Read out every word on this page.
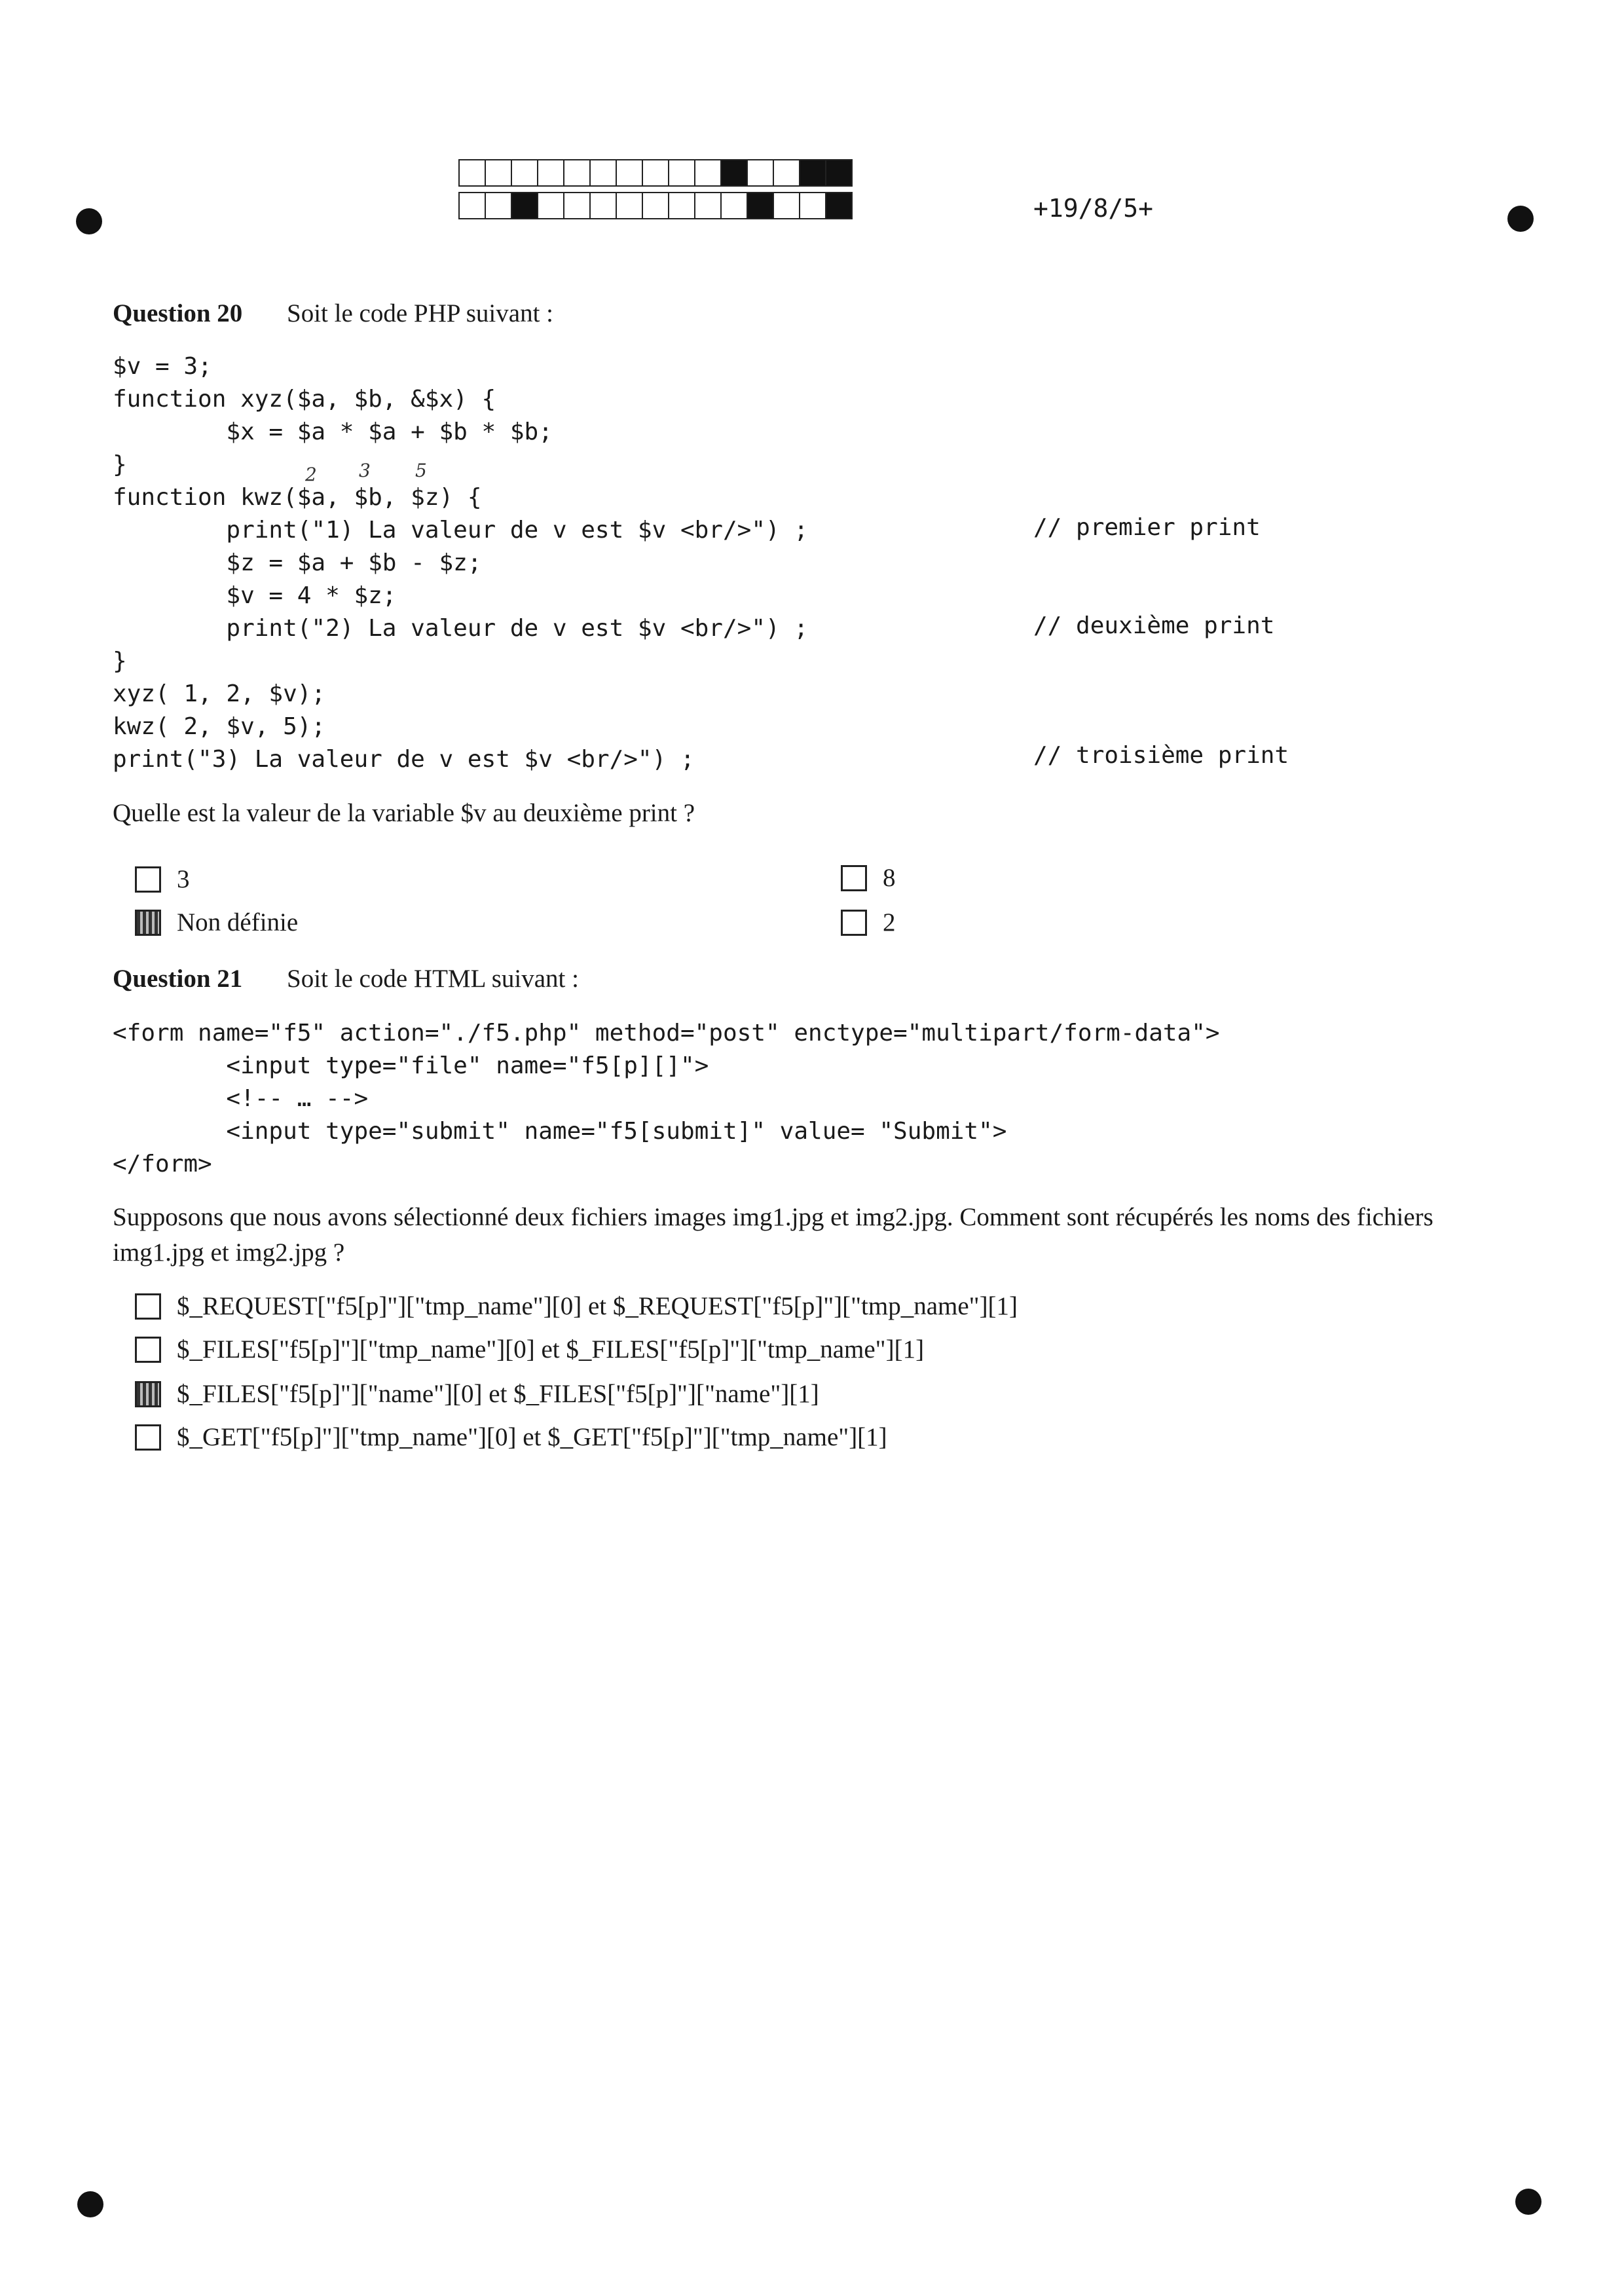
+19/8/5+
Question 20 Soit le code PHP suivant :
$v = 3;
function xyz($a, $b, &$x) {
$x = $a * $a + $b * $b;
}
function kwz($a, $b, $z) {
print("1) La valeur de v est $v <br/>") ;
$z = $a + $b - $z;
$v = 4 * $z;
print("2) La valeur de v est $v <br/>") ;
}
xyz( 1, 2, $v);
kwz( 2, $v, 5);
print("3) La valeur de v est $v <br/>") ;
2 3 5
// premier print
// deuxième print
// troisième print
Quelle est la valeur de la variable $v au deuxième print ?
3
Non définie
8
2
Question 21 Soit le code HTML suivant :
<form name="f5" action="./f5.php" method="post" enctype="multipart/form-data">
<input type="file" name="f5[p][]">
<!-- … -->
<input type="submit" name="f5[submit]" value= "Submit">
</form>
Supposons que nous avons sélectionné deux fichiers images img1.jpg et img2.jpg. Comment sont récupérés les noms des fichiers img1.jpg et img2.jpg ?
$_REQUEST["f5[p]"]["tmp_name"][0] et $_REQUEST["f5[p]"]["tmp_name"][1]
$_FILES["f5[p]"]["tmp_name"][0] et $_FILES["f5[p]"]["tmp_name"][1]
$_FILES["f5[p]"]["name"][0] et $_FILES["f5[p]"]["name"][1]
$_GET["f5[p]"]["tmp_name"][0] et $_GET["f5[p]"]["tmp_name"][1]
